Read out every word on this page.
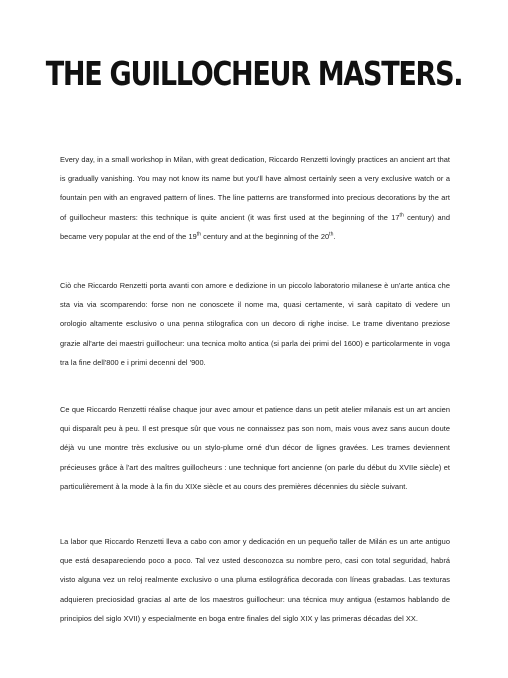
THE GUILLOCHEUR MASTERS.

Every day, in a small workshop in Milan, with great dedication, Riccardo Renzetti lovingly practices an ancient art that is gradually vanishing. You may not know its name but you'll have almost certainly seen a very exclusive watch or a fountain pen with an engraved pattern of lines. The line patterns are transformed into precious decorations by the art of guillocheur masters: this technique is quite ancient (it was first used at the beginning of the 17th century) and became very popular at the end of the 19th century and at the beginning of the 20th.

Ciò che Riccardo Renzetti porta avanti con amore e dedizione in un piccolo laboratorio milanese è un'arte antica che sta via via scomparendo: forse non ne conoscete il nome ma, quasi certamente, vi sarà capitato di vedere un orologio altamente esclusivo o una penna stilografica con un decoro di righe incise. Le trame diventano preziose grazie all'arte dei maestri guillocheur: una tecnica molto antica (si parla dei primi del 1600) e particolarmente in voga tra la fine dell'800 e i primi decenni del '900.

Ce que Riccardo Renzetti réalise chaque jour avec amour et patience dans un petit atelier milanais est un art ancien qui disparaît peu à peu. Il est presque sûr que vous ne connaissez pas son nom, mais vous avez sans aucun doute déjà vu une montre très exclusive ou un stylo-plume orné d'un décor de lignes gravées. Les trames deviennent précieuses grâce à l'art des maîtres guillocheurs : une technique fort ancienne (on parle du début du XVIIe siècle) et particulièrement à la mode à la fin du XIXe siècle et au cours des premières décennies du siècle suivant.

La labor que Riccardo Renzetti lleva a cabo con amor y dedicación en un pequeño taller de Milán es un arte antiguo que está desapareciendo poco a poco. Tal vez usted desconozca su nombre pero, casi con total seguridad, habrá visto alguna vez un reloj realmente exclusivo o una pluma estilográfica decorada con líneas grabadas. Las texturas adquieren preciosidad gracias al arte de los maestros guillocheur: una técnica muy antigua (estamos hablando de principios del siglo XVII) y especialmente en boga entre finales del siglo XIX y las primeras décadas del XX.
